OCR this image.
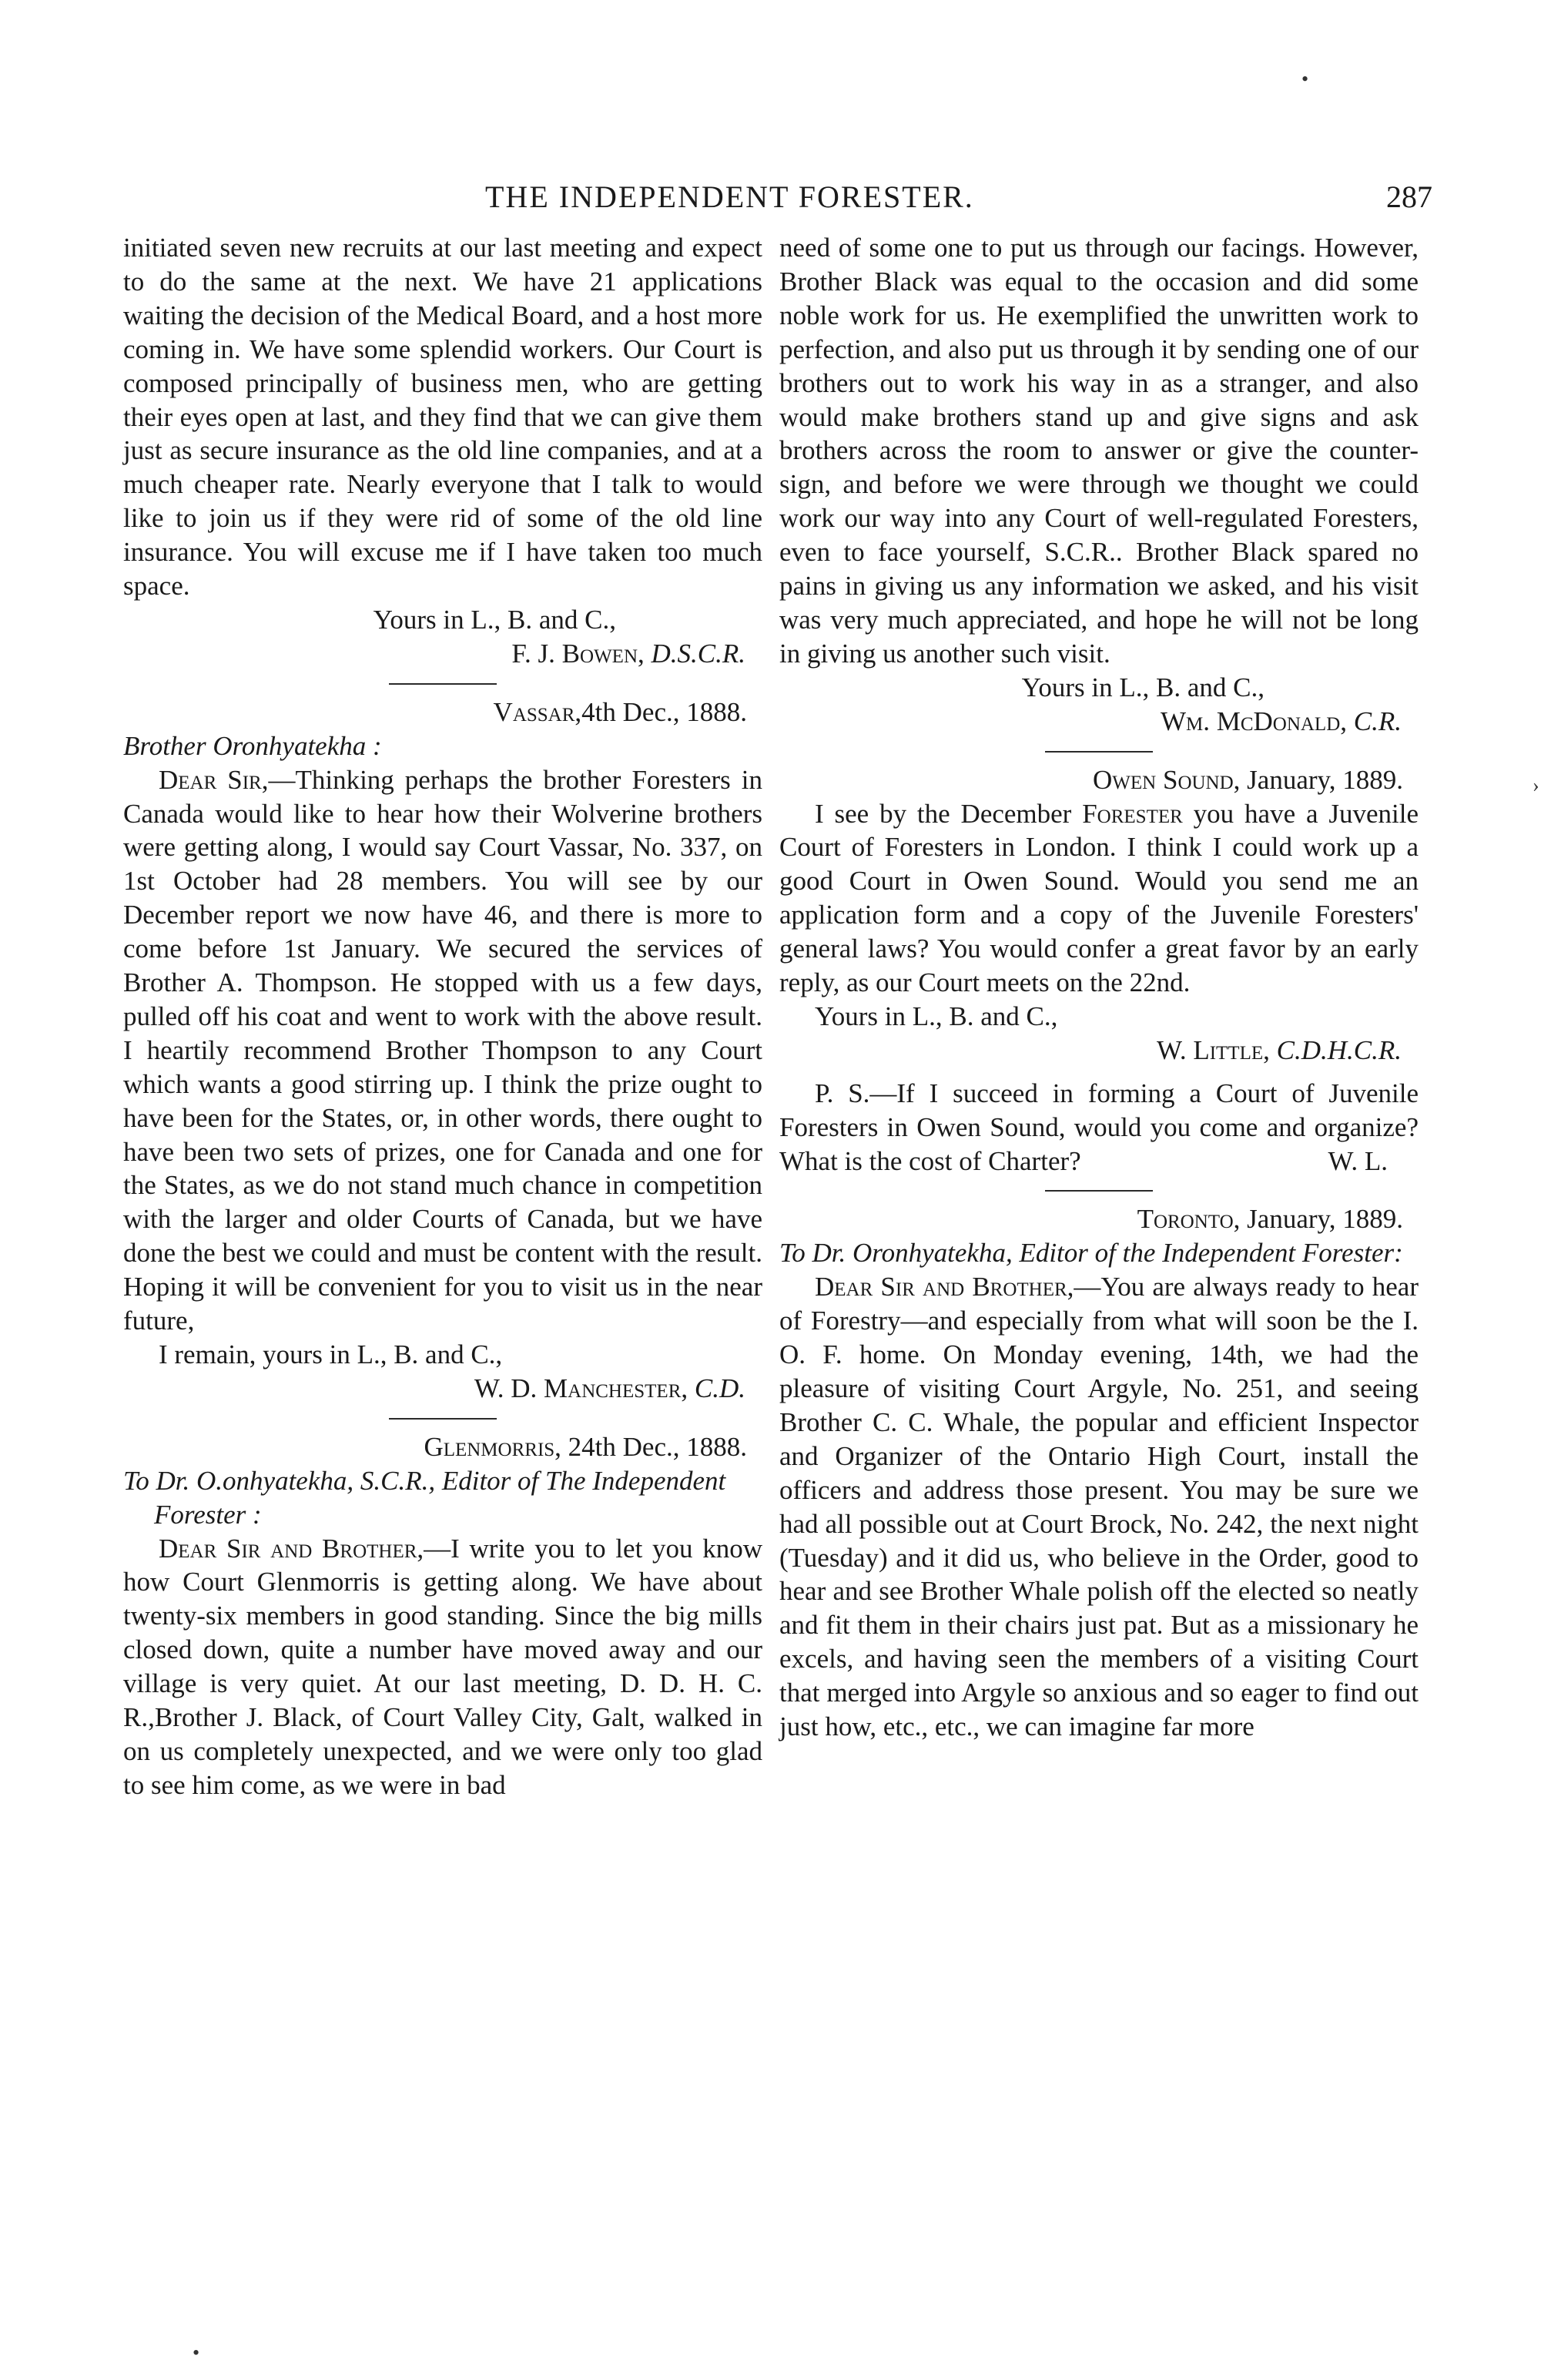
THE INDEPENDENT FORESTER.	287

initiated seven new recruits at our last meeting and expect to do the same at the next. We have 21 applications waiting the decision of the Medical Board, and a host more coming in. We have some splendid workers. Our Court is composed principally of business men, who are getting their eyes open at last, and they find that we can give them just as secure insurance as the old line companies, and at a much cheaper rate. Nearly everyone that I talk to would like to join us if they were rid of some of the old line insurance. You will excuse me if I have taken too much space.

Yours in L., B. and C.,

F. J. Bowen, D.S.C.R.

Vassar,4th Dec., 1888.

Brother Oronhyatekha :

Dear Sir,—Thinking perhaps the brother Foresters in Canada would like to hear how their Wolverine brothers were getting along, I would say Court Vassar, No. 337, on 1st October had 28 members. You will see by our December report we now have 46, and there is more to come before 1st January. We secured the services of Brother A. Thompson. He stopped with us a few days, pulled off his coat and went to work with the above result. I heartily recommend Brother Thompson to any Court which wants a good stirring up. I think the prize ought to have been for the States, or, in other words, there ought to have been two sets of prizes, one for Canada and one for the States, as we do not stand much chance in competition with the larger and older Courts of Canada, but we have done the best we could and must be content with the result. Hoping it will be convenient for you to visit us in the near future,

I remain, yours in L., B. and C.,

W. D. Manchester, C.D.

Glenmorris, 24th Dec., 1888.

To Dr. O.onhyatekha, S.C.R., Editor of The Independent Forester :

Dear Sir and Brother,—I write you to let you know how Court Glenmorris is getting along. We have about twenty-six members in good standing. Since the big mills closed down, quite a number have moved away and our village is very quiet. At our last meeting, D. D. H. C. R.,Brother J. Black, of Court Valley City, Galt, walked in on us completely unexpected, and we were only too glad to see him come, as we were in bad

need of some one to put us through our facings. However, Brother Black was equal to the occasion and did some noble work for us. He exemplified the unwritten work to perfection, and also put us through it by sending one of our brothers out to work his way in as a stranger, and also would make brothers stand up and give signs and ask brothers across the room to answer or give the counter-sign, and before we were through we thought we could work our way into any Court of well-regulated Foresters, even to face yourself, S.C.R.. Brother Black spared no pains in giving us any information we asked, and his visit was very much appreciated, and hope he will not be long in giving us another such visit.

Yours in L., B. and C.,

Wm. McDonald, C.R.

Owen Sound, January, 1889.

I see by the December Forester you have a Juvenile Court of Foresters in London. I think I could work up a good Court in Owen Sound. Would you send me an application form and a copy of the Juvenile Foresters' general laws? You would confer a great favor by an early reply, as our Court meets on the 22nd.

Yours in L., B. and C.,

W. Little, C.D.H.C.R.

P. S.—If I succeed in forming a Court of Juvenile Foresters in Owen Sound, would you come and organize? What is the cost of Charter?	W. L.

Toronto, January, 1889.

To Dr. Oronhyatekha, Editor of the Independent Forester:

Dear Sir and Brother,—You are always ready to hear of Forestry—and especially from what will soon be the I. O. F. home. On Monday evening, 14th, we had the pleasure of visiting Court Argyle, No. 251, and seeing Brother C. C. Whale, the popular and efficient Inspector and Organizer of the Ontario High Court, install the officers and address those present. You may be sure we had all possible out at Court Brock, No. 242, the next night (Tuesday) and it did us, who believe in the Order, good to hear and see Brother Whale polish off the elected so neatly and fit them in their chairs just pat. But as a missionary he excels, and having seen the members of a visiting Court that merged into Argyle so anxious and so eager to find out just how, etc., etc., we can imagine far more

•
›
•
